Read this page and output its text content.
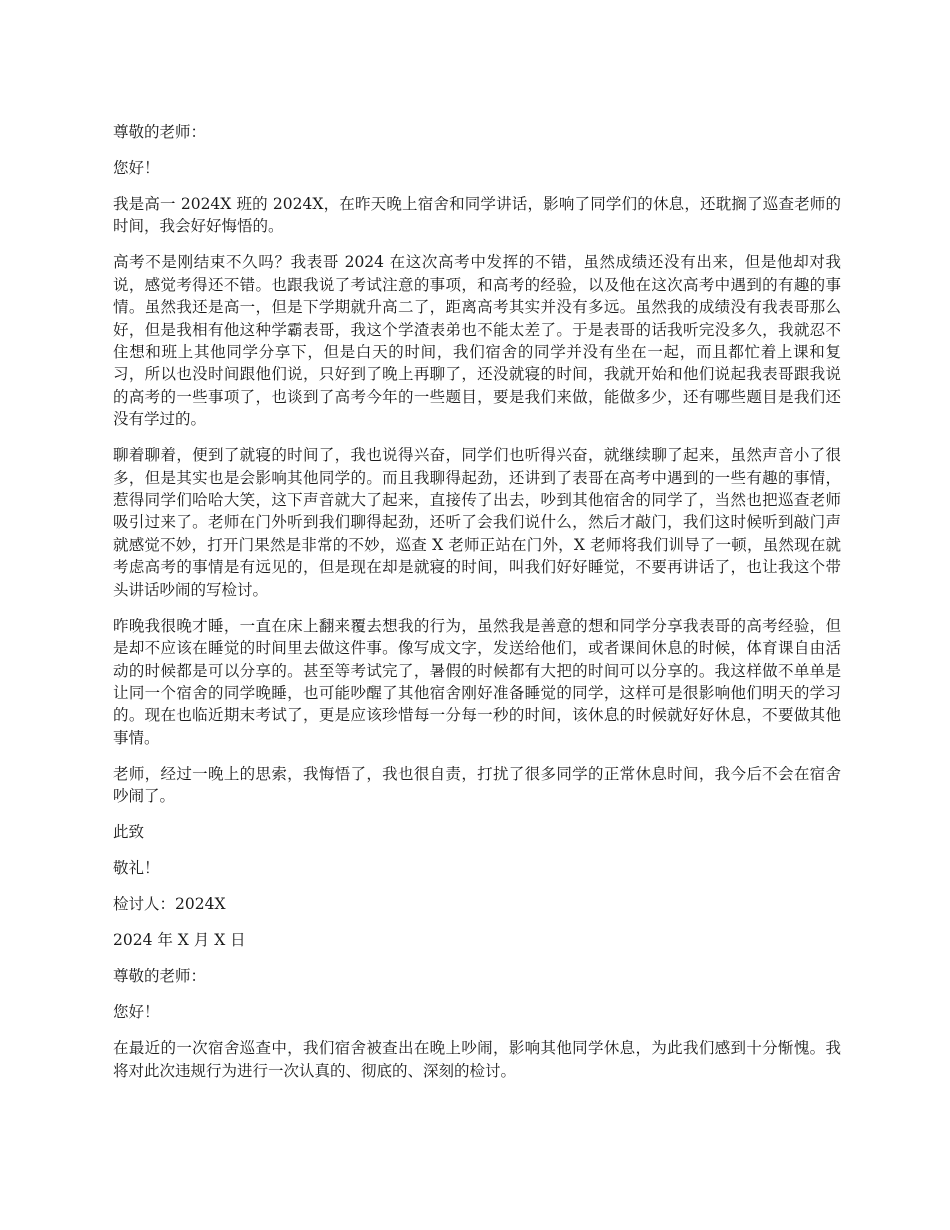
尊敬的老师：

您好！

我是高一 2024X 班的 2024X，在昨天晚上宿舍和同学讲话，影响了同学们的休息，还耽搁了巡查老师的时间，我会好好悔悟的。

高考不是刚结束不久吗？我表哥 2024 在这次高考中发挥的不错，虽然成绩还没有出来，但是他却对我说，感觉考得还不错。也跟我说了考试注意的事项，和高考的经验，以及他在这次高考中遇到的有趣的事情。虽然我还是高一，但是下学期就升高二了，距离高考其实并没有多远。虽然我的成绩没有我表哥那么好，但是我相有他这种学霸表哥，我这个学渣表弟也不能太差了。于是表哥的话我听完没多久，我就忍不住想和班上其他同学分享下，但是白天的时间，我们宿舍的同学并没有坐在一起，而且都忙着上课和复习，所以也没时间跟他们说，只好到了晚上再聊了，还没就寝的时间，我就开始和他们说起我表哥跟我说的高考的一些事项了，也谈到了高考今年的一些题目，要是我们来做，能做多少，还有哪些题目是我们还没有学过的。

聊着聊着，便到了就寝的时间了，我也说得兴奋，同学们也听得兴奋，就继续聊了起来，虽然声音小了很多，但是其实也是会影响其他同学的。而且我聊得起劲，还讲到了表哥在高考中遇到的一些有趣的事情，惹得同学们哈哈大笑，这下声音就大了起来，直接传了出去，吵到其他宿舍的同学了，当然也把巡查老师吸引过来了。老师在门外听到我们聊得起劲，还听了会我们说什么，然后才敲门，我们这时候听到敲门声就感觉不妙，打开门果然是非常的不妙，巡查 X 老师正站在门外，X 老师将我们训导了一顿，虽然现在就考虑高考的事情是有远见的，但是现在却是就寝的时间，叫我们好好睡觉，不要再讲话了，也让我这个带头讲话吵闹的写检讨。

昨晚我很晚才睡，一直在床上翻来覆去想我的行为，虽然我是善意的想和同学分享我表哥的高考经验，但是却不应该在睡觉的时间里去做这件事。像写成文字，发送给他们，或者课间休息的时候，体育课自由活动的时候都是可以分享的。甚至等考试完了，暑假的时候都有大把的时间可以分享的。我这样做不单单是让同一个宿舍的同学晚睡，也可能吵醒了其他宿舍刚好准备睡觉的同学，这样可是很影响他们明天的学习的。现在也临近期末考试了，更是应该珍惜每一分每一秒的时间，该休息的时候就好好休息，不要做其他事情。

老师，经过一晚上的思索，我悔悟了，我也很自责，打扰了很多同学的正常休息时间，我今后不会在宿舍吵闹了。

此致

敬礼！

检讨人：2024X

2024 年 X 月 X 日

尊敬的老师：

您好！

在最近的一次宿舍巡查中，我们宿舍被查出在晚上吵闹，影响其他同学休息，为此我们感到十分惭愧。我将对此次违规行为进行一次认真的、彻底的、深刻的检讨。
